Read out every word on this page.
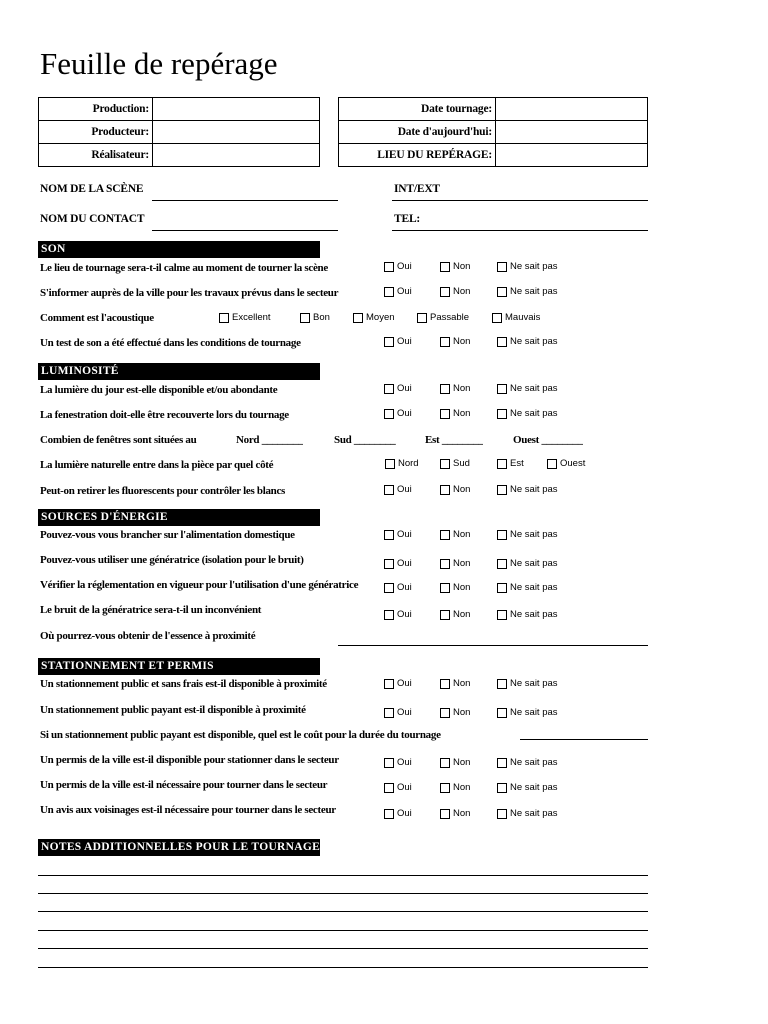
Feuille de repérage
Production:	
Producteur:	
Réalisateur:	
Date tournage:	
Date d'aujourd'hui:	
LIEU DU REPÉRAGE:	
NOM DE LA SCÈNE	INT/EXT
NOM DU CONTACT	TEL:
SON
Le lieu de tournage sera-t-il calme au moment de tourner la scène	Oui	Non	Ne sait pas
S'informer auprès de la ville pour les travaux prévus dans le secteur	Oui	Non	Ne sait pas
Comment est l'acoustique	Excellent	Bon	Moyen	Passable	Mauvais
Un test de son a été effectué dans les conditions de tournage	Oui	Non	Ne sait pas
LUMINOSITÉ
La lumière du jour est-elle disponible et/ou abondante	Oui	Non	Ne sait pas
La fenestration doit-elle être recouverte lors du tournage	Oui	Non	Ne sait pas
Combien de fenêtres sont situées au	Nord ________	Sud ________	Est ________	Ouest ________
La lumière naturelle entre dans la pièce par quel côté	Nord	Sud	Est	Ouest
Peut-on retirer les fluorescents pour contrôler les blancs	Oui	Non	Ne sait pas
SOURCES D'ÉNERGIE
Pouvez-vous vous brancher sur l'alimentation domestique	Oui	Non	Ne sait pas
Pouvez-vous utiliser une génératrice (isolation pour le bruit)	Oui	Non	Ne sait pas
Vérifier la réglementation en vigueur pour l'utilisation d'une génératrice	Oui	Non	Ne sait pas
Le bruit de la génératrice sera-t-il un inconvénient	Oui	Non	Ne sait pas
Où pourrez-vous obtenir de l'essence à proximité
STATIONNEMENT ET PERMIS
Un stationnement public et sans frais est-il disponible à proximité	Oui	Non	Ne sait pas
Un stationnement public payant est-il disponible à proximité	Oui	Non	Ne sait pas
Si un stationnement public payant est disponible, quel est le coût pour la durée du tournage
Un permis de la ville est-il disponible pour stationner dans le secteur	Oui	Non	Ne sait pas
Un permis de la ville est-il nécessaire pour tourner dans le secteur	Oui	Non	Ne sait pas
Un avis aux voisinages est-il nécessaire pour tourner dans le secteur	Oui	Non	Ne sait pas
NOTES ADDITIONNELLES POUR LE TOURNAGE
